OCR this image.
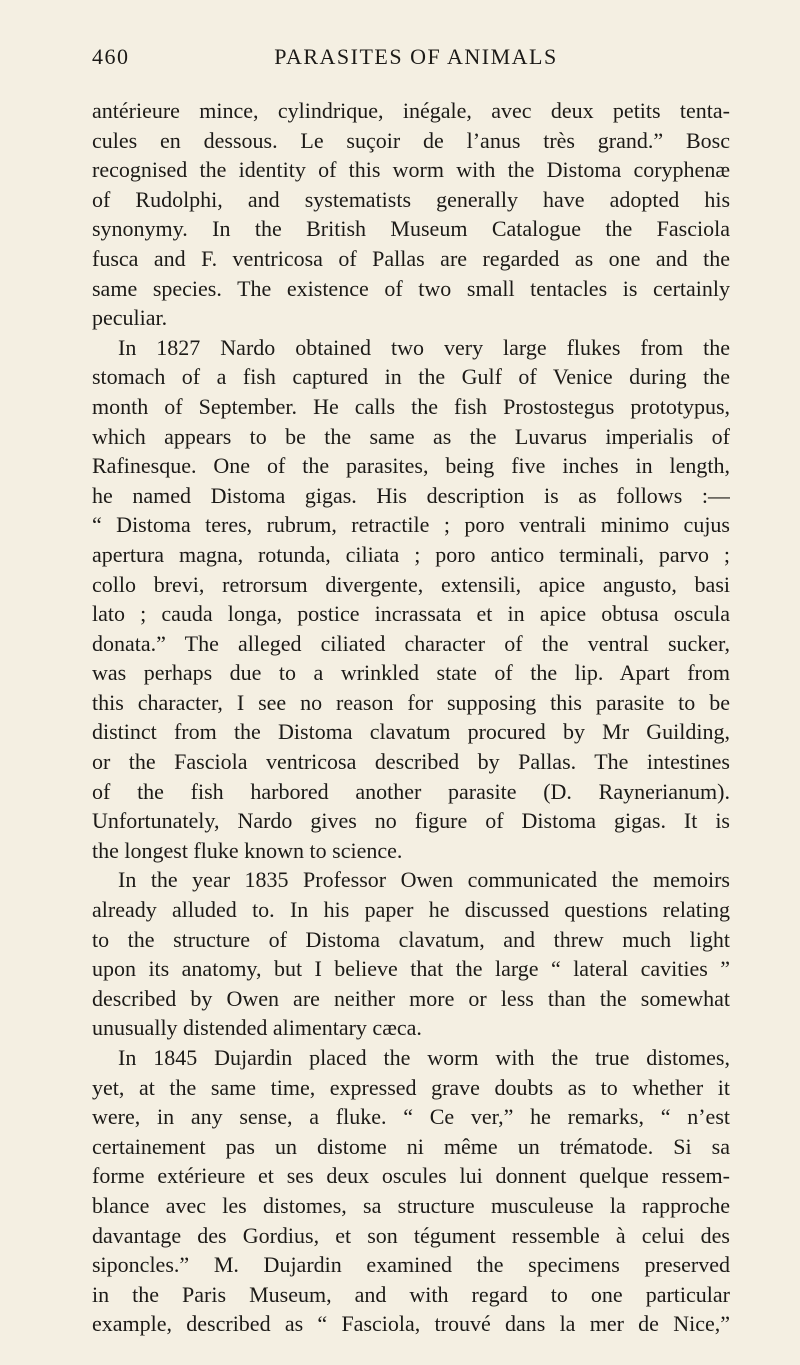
460	PARASITES OF ANIMALS
antérieure mince, cylindrique, inégale, avec deux petits tenta-
cules en dessous. Le suçoir de l’anus très grand.” Bosc
recognised the identity of this worm with the Distoma coryphenæ
of Rudolphi, and systematists generally have adopted his
synonymy. In the British Museum Catalogue the Fasciola
fusca and F. ventricosa of Pallas are regarded as one and the
same species. The existence of two small tentacles is certainly
peculiar.
In 1827 Nardo obtained two very large flukes from the
stomach of a fish captured in the Gulf of Venice during the
month of September. He calls the fish Prostostegus prototypus,
which appears to be the same as the Luvarus imperialis of
Rafinesque. One of the parasites, being five inches in length,
he named Distoma gigas. His description is as follows :—
“ Distoma teres, rubrum, retractile ; poro ventrali minimo cujus
apertura magna, rotunda, ciliata ; poro antico terminali, parvo ;
collo brevi, retrorsum divergente, extensili, apice angusto, basi
lato ; cauda longa, postice incrassata et in apice obtusa oscula
donata.” The alleged ciliated character of the ventral sucker,
was perhaps due to a wrinkled state of the lip. Apart from
this character, I see no reason for supposing this parasite to be
distinct from the Distoma clavatum procured by Mr Guilding,
or the Fasciola ventricosa described by Pallas. The intestines
of the fish harbored another parasite (D. Raynerianum).
Unfortunately, Nardo gives no figure of Distoma gigas. It is
the longest fluke known to science.
In the year 1835 Professor Owen communicated the memoirs
already alluded to. In his paper he discussed questions relating
to the structure of Distoma clavatum, and threw much light
upon its anatomy, but I believe that the large “ lateral cavities ”
described by Owen are neither more or less than the somewhat
unusually distended alimentary cæca.
In 1845 Dujardin placed the worm with the true distomes,
yet, at the same time, expressed grave doubts as to whether it
were, in any sense, a fluke. “ Ce ver,” he remarks, “ n’est
certainement pas un distome ni même un trématode. Si sa
forme extérieure et ses deux oscules lui donnent quelque ressem-
blance avec les distomes, sa structure musculeuse la rapproche
davantage des Gordius, et son tégument ressemble à celui des
siponcles.” M. Dujardin examined the specimens preserved
in the Paris Museum, and with regard to one particular
example, described as “ Fasciola, trouvé dans la mer de Nice,”
